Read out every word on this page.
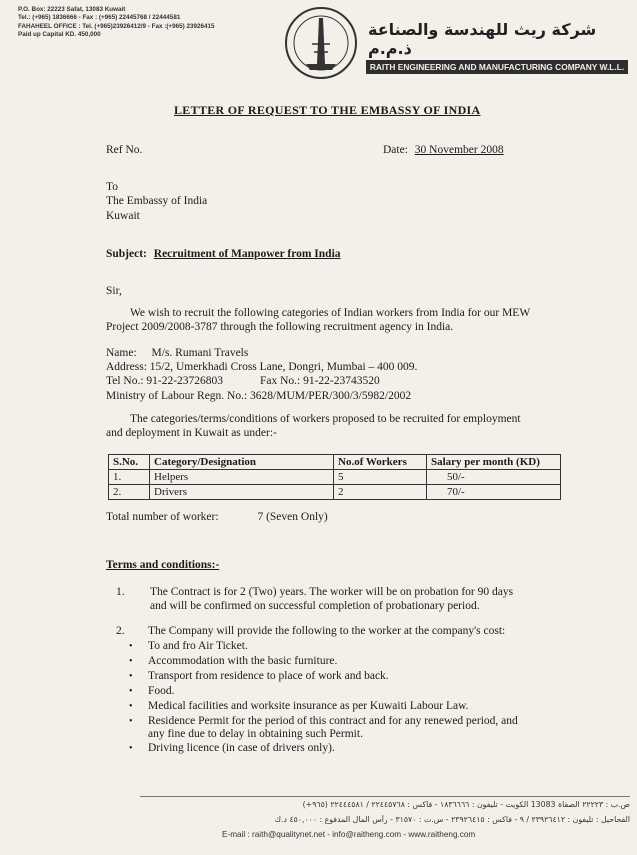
P.O. Box: 22223 Safat, 13083 Kuwait
Tel.: (+965) 1836666 - Fax : (+965) 22445768 / 22444581
FAHAHEEL OFFICE : Tel. (+965)23926412/9 - Fax :(+965) 23926415
Paid up Capital KD. 450,000	شركة ريث للهندسة والصناعة ذ.م.م
RAITH ENGINEERING AND MANUFACTURING COMPANY W.L.L.
LETTER OF REQUEST TO THE EMBASSY OF INDIA
Ref No.	Date: 30 November 2008
To
The Embassy of India
Kuwait
Subject: Recruitment of Manpower from India
Sir,
We wish to recruit the following categories of Indian workers from India for our MEW
Project 2009/2008-3787 through the following recruitment agency in India.
Name: M/s. Rumani Travels
Address: 15/2, Umerkhadi Cross Lane, Dongri, Mumbai – 400 009.
Tel No.: 91-22-23726803	Fax No.: 91-22-23743520
Ministry of Labour Regn. No.: 3628/MUM/PER/300/3/5982/2002
The categories/terms/conditions of workers proposed to be recruited for employment
and deployment in Kuwait as under:-
S.No.	Category/Designation	No.of Workers	Salary per month (KD)
1.	Helpers	5	50/-
2.	Drivers	2	70/-
Total number of worker:	7 (Seven Only)
Terms and conditions:-
1. The Contract is for 2 (Two) years. The worker will be on probation for 90 days
and will be confirmed on successful completion of probationary period.
2. The Company will provide the following to the worker at the company's cost:
• To and fro Air Ticket.
• Accommodation with the basic furniture.
• Transport from residence to place of work and back.
• Food.
• Medical facilities and worksite insurance as per Kuwaiti Labour Law.
• Residence Permit for the period of this contract and for any renewed period, and
any fine due to delay in obtaining such Permit.
• Driving licence (in case of drivers only).
ص.ب : ٢٢٢٢٣ الصفاة 13083 الكويت - تليفون : ١٨٣٦٦٦٦ - فاكس : ٢٢٤٤٥٧٦٨ / ٢٢٤٤٤٥٨١ (٩٦٥+)
الفحاحيل : تليفون : ٢٣٩٢٦٤١٢ / ٩ - فاكس : ٢٣٩٢٦٤١٥ - س.ت : ٣١٥٧٠ - رأس المال المدفوع : ٤٥٠,٠٠٠ د.ك
E-mail : raith@qualitynet.net - info@raitheng.com - www.raitheng.com
